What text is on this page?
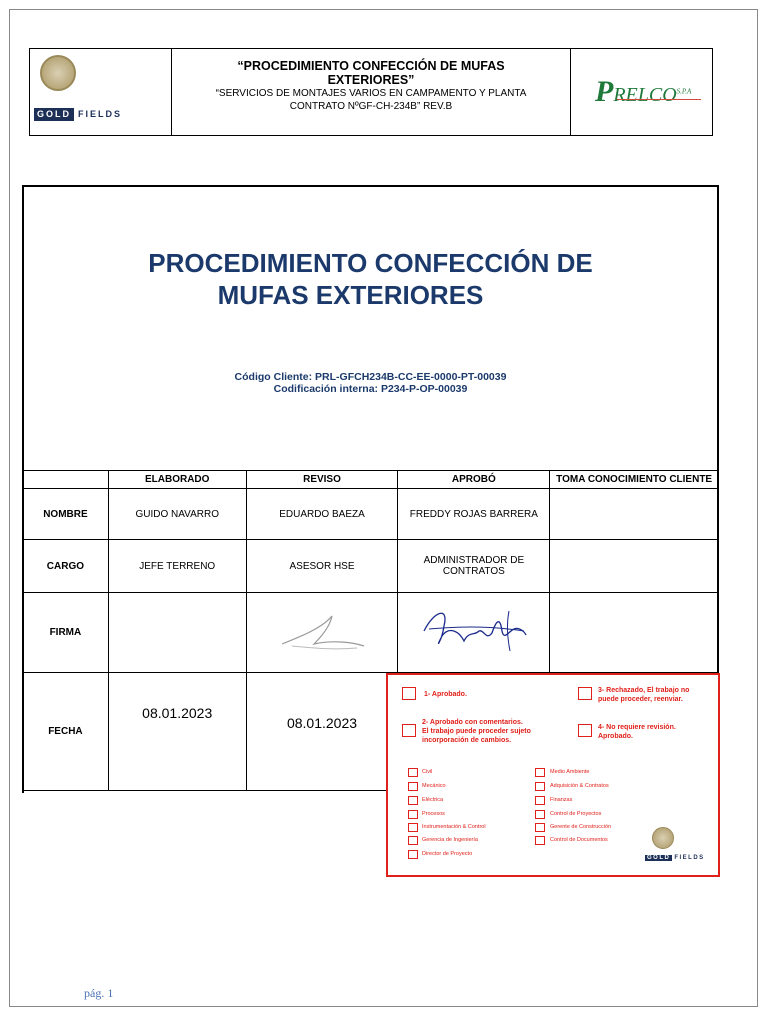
GOLD FIELDS
“PROCEDIMIENTO CONFECCIÓN DE MUFAS
EXTERIORES”
“SERVICIOS DE MONTAJES VARIOS EN CAMPAMENTO Y PLANTA
CONTRATO NºGF-CH-234B” REV.B	$PRELCO^{S.P.A}$
PROCEDIMIENTO CONFECCIÓN DE
MUFAS EXTERIORES
Código Cliente: PRL-GFCH234B-CC-EE-0000-PT-00039
Codificación interna: P234-P-OP-00039
	ELABORADO	REVISO	APROBÓ	TOMA CONOCIMIENTO CLIENTE
NOMBRE	GUIDO NAVARRO	EDUARDO BAEZA	FREDDY ROJAS BARRERA	
CARGO	JEFE TERRENO	ASESOR HSE	ADMINISTRADOR DE CONTRATOS	
FIRMA				
FECHA	08.01.2023	08.01.2023		
1- Aprobado.
3- Rechazado, El trabajo no
puede proceder, reenviar.
2- Aprobado con comentarios.
El trabajo puede proceder sujeto
incorporación de cambios.
4- No requiere revisión.
Aprobado.
Civil
Mecánico
Eléctrica
Procesos
Instrumentación & Control
Gerencia de Ingeniería
Director de Proyecto
Medio Ambiente
Adquisición & Contratos
Finanzas
Control de Proyectos
Gerente de Construcción
Control de Documentos
GOLD FIELDS
pág. 1
